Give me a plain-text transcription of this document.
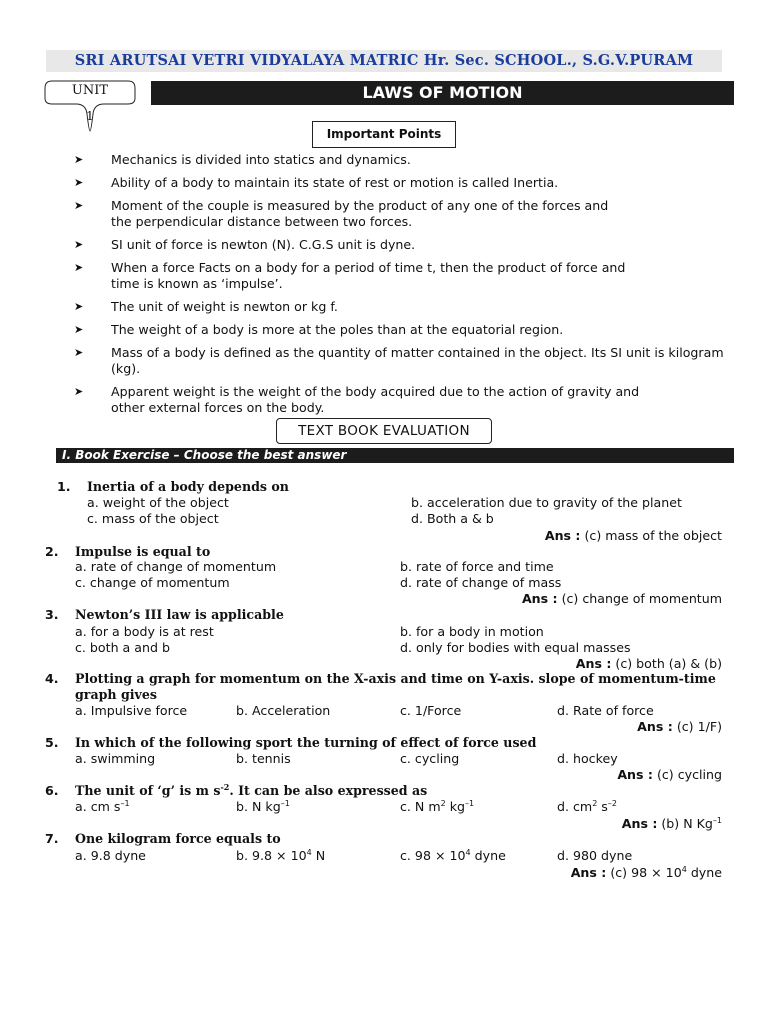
SRI ARUTSAI VETRI VIDYALAYA MATRIC Hr. Sec. SCHOOL., S.G.V.PURAM
UNIT
1
LAWS OF MOTION
Important Points
➤ Mechanics is divided into statics and dynamics.
➤ Ability of a body to maintain its state of rest or motion is called Inertia.
➤ Moment of the couple is measured by the product of any one of the forces and the perpendicular distance between two forces.
➤ SI unit of force is newton (N). C.G.S unit is dyne.
➤ When a force Facts on a body for a period of time t, then the product of force and time is known as ‘impulse’.
➤ The unit of weight is newton or kg f.
➤ The weight of a body is more at the poles than at the equatorial region.
➤ Mass of a body is defined as the quantity of matter contained in the object. Its SI unit is kilogram (kg).
➤ Apparent weight is the weight of the body acquired due to the action of gravity and other external forces on the body.
TEXT BOOK EVALUATION
I. Book Exercise – Choose the best answer
1. Inertia of a body depends on
a. weight of the object	b. acceleration due to gravity of the planet
c. mass of the object	d. Both a & b
Ans : (c) mass of the object
2. Impulse is equal to
a. rate of change of momentum	b. rate of force and time
c. change of momentum	d. rate of change of mass
Ans : (c) change of momentum
3. Newton’s III law is applicable
a. for a body is at rest	b. for a body in motion
c. both a and b	d. only for bodies with equal masses
Ans : (c) both (a) & (b)
4. Plotting a graph for momentum on the X-axis and time on Y-axis. slope of momentum-time graph gives
a. Impulsive force	b. Acceleration	c. 1/Force	d. Rate of force
Ans : (c) 1/F)
5. In which of the following sport the turning of effect of force used
a. swimming	b. tennis	c. cycling	d. hockey
Ans : (c) cycling
6. The unit of ‘g’ is m $s^{-2}$. It can be also expressed as
a. cm $s^{-1}$	b. N $kg^{-1}$	c. N $m^2$ $kg^{-1}$	d. $cm^2$ $s^{-2}$
Ans : (b) N $Kg^{-1}$
7. One kilogram force equals to
a. 9.8 dyne	b. $9.8 \times 10^4$ N	c. $98 \times 10^4$ dyne	d. 980 dyne
Ans : (c) $98 \times 10^4$ dyne
